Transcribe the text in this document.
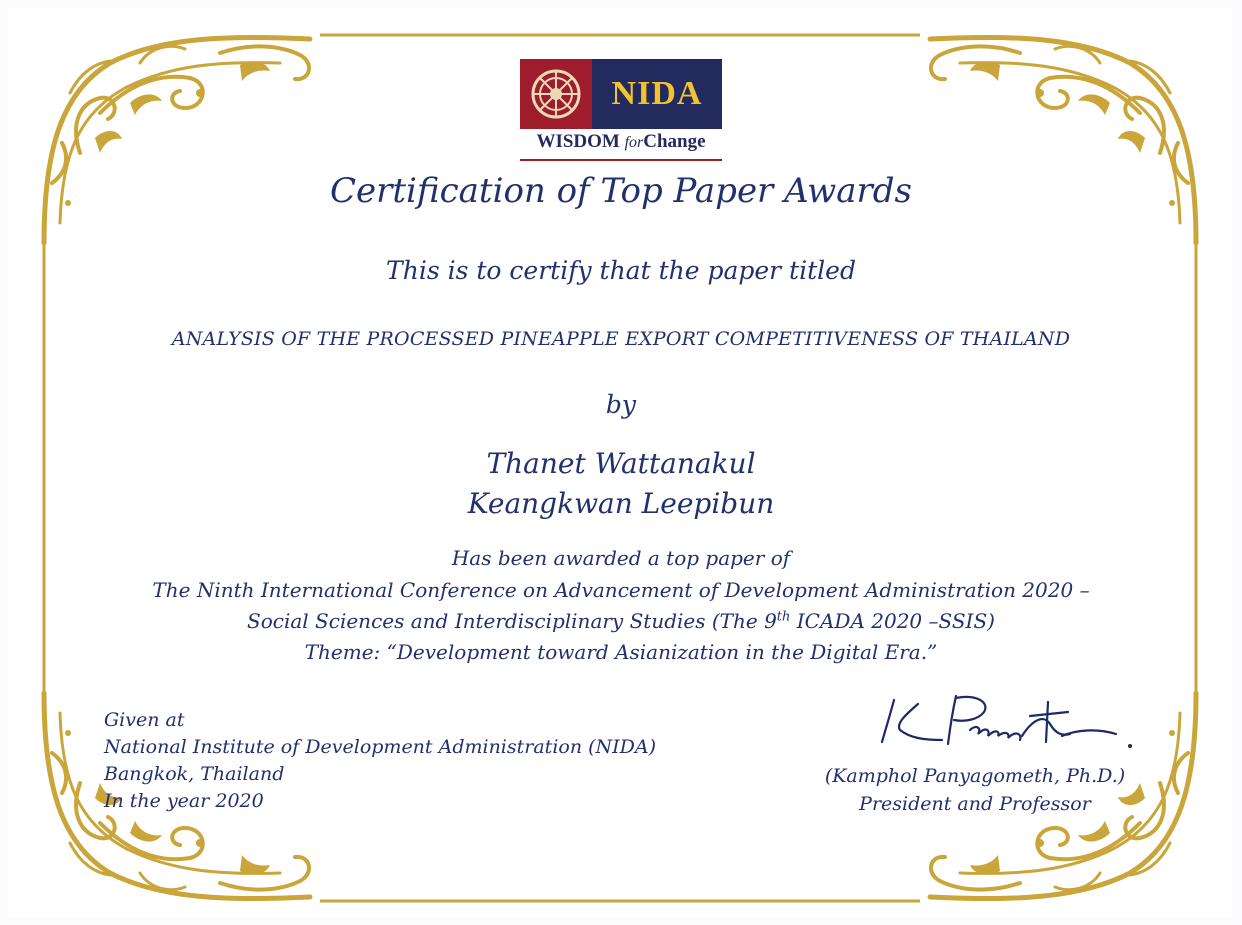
NIDA
WISDOM forChange
Certification of Top Paper Awards
This is to certify that the paper titled
ANALYSIS OF THE PROCESSED PINEAPPLE EXPORT COMPETITIVENESS OF THAILAND
by
Thanet Wattanakul
Keangkwan Leepibun
Has been awarded a top paper of
The Ninth International Conference on Advancement of Development Administration 2020 –
Social Sciences and Interdisciplinary Studies (The 9th ICADA 2020 –SSIS)
Theme: “Development toward Asianization in the Digital Era.”
Given at
National Institute of Development Administration (NIDA)
Bangkok, Thailand
In the year 2020
(Kamphol Panyagometh, Ph.D.)
President and Professor
